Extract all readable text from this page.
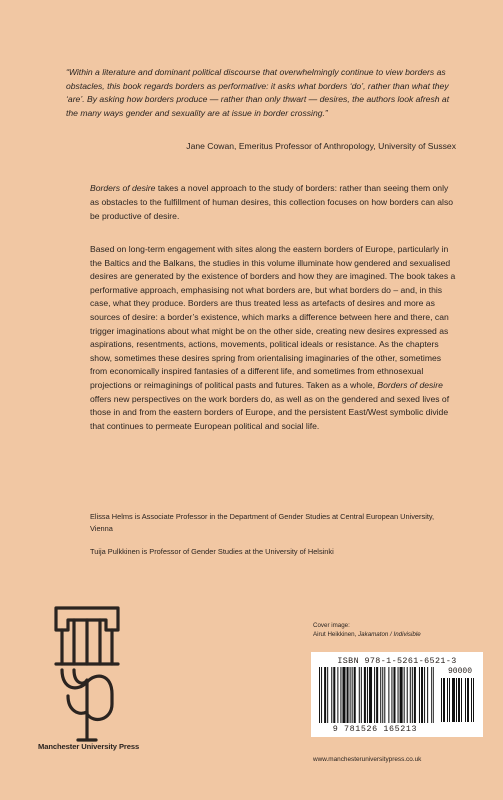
“Within a literature and dominant political discourse that overwhelmingly continue to view borders as obstacles, this book regards borders as performative: it asks what borders ‘do’, rather than what they ‘are’. By asking how borders produce — rather than only thwart — desires, the authors look afresh at the many ways gender and sexuality are at issue in border crossing.”
Jane Cowan, Emeritus Professor of Anthropology, University of Sussex
Borders of desire takes a novel approach to the study of borders: rather than seeing them only as obstacles to the fulfillment of human desires, this collection focuses on how borders can also be productive of desire.
Based on long-term engagement with sites along the eastern borders of Europe, particularly in the Baltics and the Balkans, the studies in this volume illuminate how gendered and sexualised desires are generated by the existence of borders and how they are imagined. The book takes a performative approach, emphasising not what borders are, but what borders do – and, in this case, what they produce. Borders are thus treated less as artefacts of desires and more as sources of desire: a border’s existence, which marks a difference between here and there, can trigger imaginations about what might be on the other side, creating new desires expressed as aspirations, resentments, actions, movements, political ideals or resistance. As the chapters show, sometimes these desires spring from orientalising imaginaries of the other, sometimes from economically inspired fantasies of a different life, and sometimes from ethnosexual projections or reimaginings of political pasts and futures. Taken as a whole, Borders of desire offers new perspectives on the work borders do, as well as on the gendered and sexed lives of those in and from the eastern borders of Europe, and the persistent East/West symbolic divide that continues to permeate European political and social life.
Elissa Helms is Associate Professor in the Department of Gender Studies at Central European University, Vienna
Tuija Pulkkinen is Professor of Gender Studies at the University of Helsinki
Manchester University Press
Cover image:
Airut Heikkinen, Jakamaton / Indivisible
ISBN 978-1-5261-6521-3
90000
9 781526 165213
www.manchesteruniversitypress.co.uk
